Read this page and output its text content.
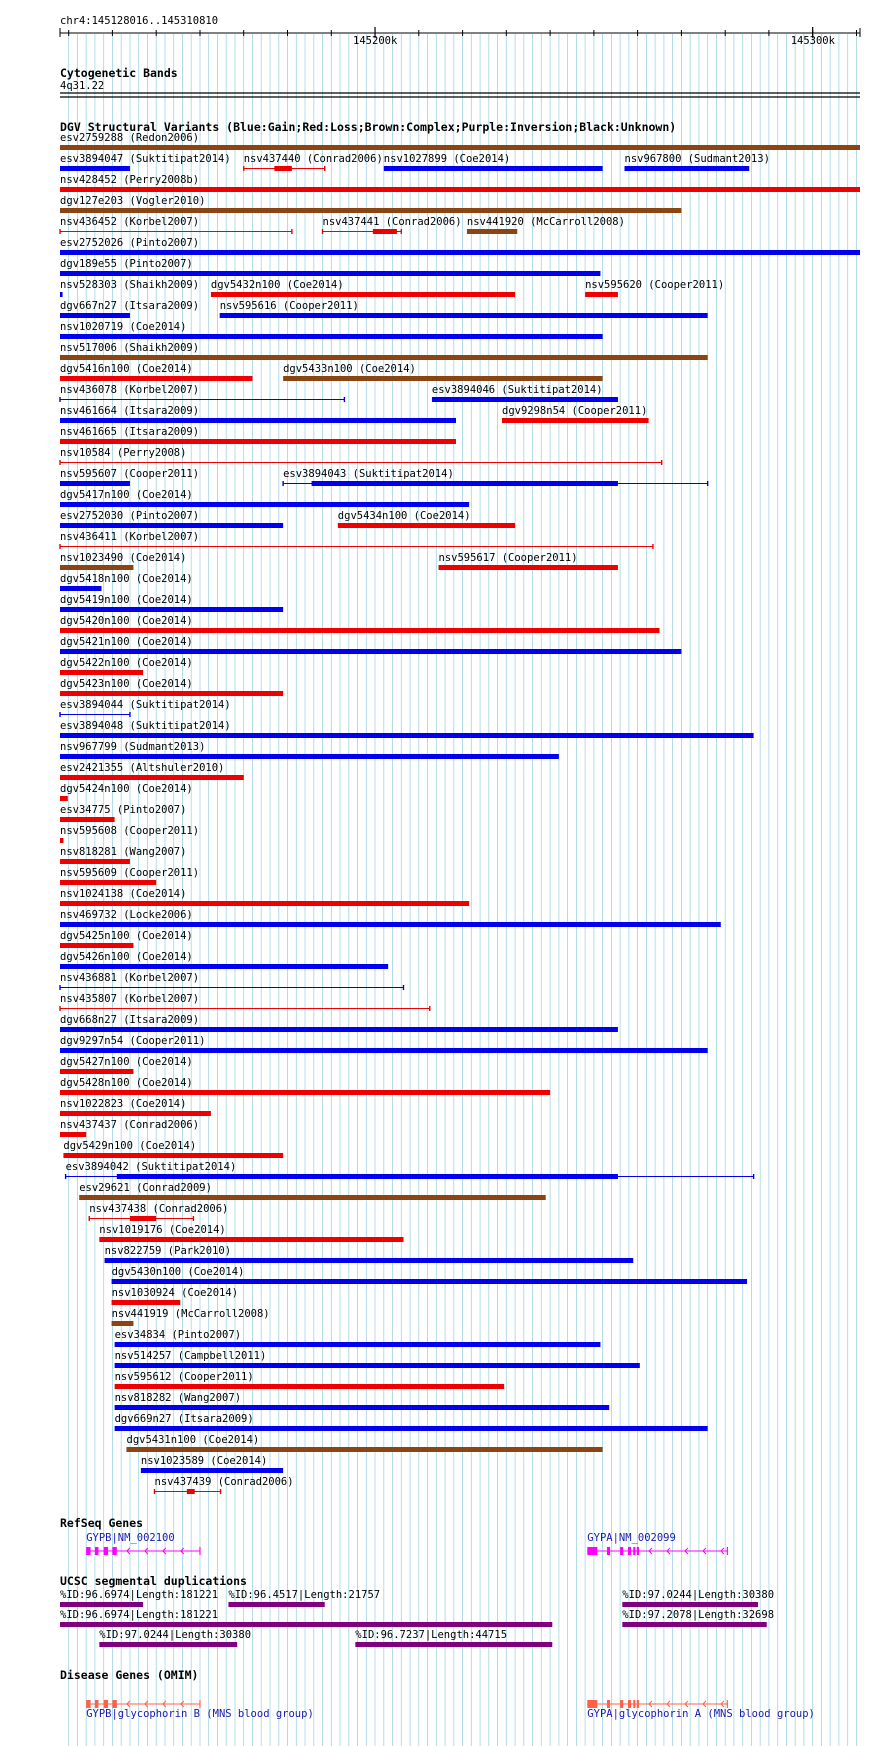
chr4:145128016..145310810
145200k	145300k
Cytogenetic Bands
4q31.22
DGV Structural Variants (Blue:Gain;Red:Loss;Brown:Complex;Purple:Inversion;Black:Unknown)
esv2759288 (Redon2006)
esv3894047 (Suktitipat2014) nsv437440 (Conrad2006) nsv1027899 (Coe2014)	nsv967800 (Sudmant2013)
nsv428452 (Perry2008b)
dgv127e203 (Vogler2010)
nsv436452 (Korbel2007)	nsv437441 (Conrad2006) nsv441920 (McCarroll2008)
esv2752026 (Pinto2007)
dgv189e55 (Pinto2007)
nsv528303 (Shaikh2009) dgv5432n100 (Coe2014)	nsv595620 (Cooper2011)
dgv667n27 (Itsara2009) nsv595616 (Cooper2011)
nsv1020719 (Coe2014)
nsv517006 (Shaikh2009)
dgv5416n100 (Coe2014)	dgv5433n100 (Coe2014)
nsv436078 (Korbel2007)	esv3894046 (Suktitipat2014)
nsv461664 (Itsara2009)	dgv9298n54 (Cooper2011)
nsv461665 (Itsara2009)
nsv10584 (Perry2008)
nsv595607 (Cooper2011)	esv3894043 (Suktitipat2014)
dgv5417n100 (Coe2014)
esv2752030 (Pinto2007)	dgv5434n100 (Coe2014)
nsv436411 (Korbel2007)
nsv1023490 (Coe2014)	nsv595617 (Cooper2011)
dgv5418n100 (Coe2014)
dgv5419n100 (Coe2014)
dgv5420n100 (Coe2014)
dgv5421n100 (Coe2014)
dgv5422n100 (Coe2014)
dgv5423n100 (Coe2014)
esv3894044 (Suktitipat2014)
esv3894048 (Suktitipat2014)
nsv967799 (Sudmant2013)
esv2421355 (Altshuler2010)
dgv5424n100 (Coe2014)
esv34775 (Pinto2007)
nsv595608 (Cooper2011)
nsv818281 (Wang2007)
nsv595609 (Cooper2011)
nsv1024138 (Coe2014)
nsv469732 (Locke2006)
dgv5425n100 (Coe2014)
dgv5426n100 (Coe2014)
nsv436881 (Korbel2007)
nsv435807 (Korbel2007)
dgv668n27 (Itsara2009)
dgv9297n54 (Cooper2011)
dgv5427n100 (Coe2014)
dgv5428n100 (Coe2014)
nsv1022823 (Coe2014)
nsv437437 (Conrad2006)
dgv5429n100 (Coe2014)
esv3894042 (Suktitipat2014)
esv29621 (Conrad2009)
nsv437438 (Conrad2006)
nsv1019176 (Coe2014)
nsv822759 (Park2010)
dgv5430n100 (Coe2014)
nsv1030924 (Coe2014)
nsv441919 (McCarroll2008)
esv34834 (Pinto2007)
nsv514257 (Campbell2011)
nsv595612 (Cooper2011)
nsv818282 (Wang2007)
dgv669n27 (Itsara2009)
dgv5431n100 (Coe2014)
nsv1023589 (Coe2014)
nsv437439 (Conrad2006)
RefSeq Genes
GYPB|NM_002100	GYPA|NM_002099
UCSC segmental duplications
%ID:96.6974|Length:181221 %ID:96.4517|Length:21757	%ID:97.0244|Length:30380
%ID:96.6974|Length:181221	%ID:97.2078|Length:32698
%ID:97.0244|Length:30380	%ID:96.7237|Length:44715
Disease Genes (OMIM)
GYPB|glycophorin B (MNS blood group)	GYPA|glycophorin A (MNS blood group)
